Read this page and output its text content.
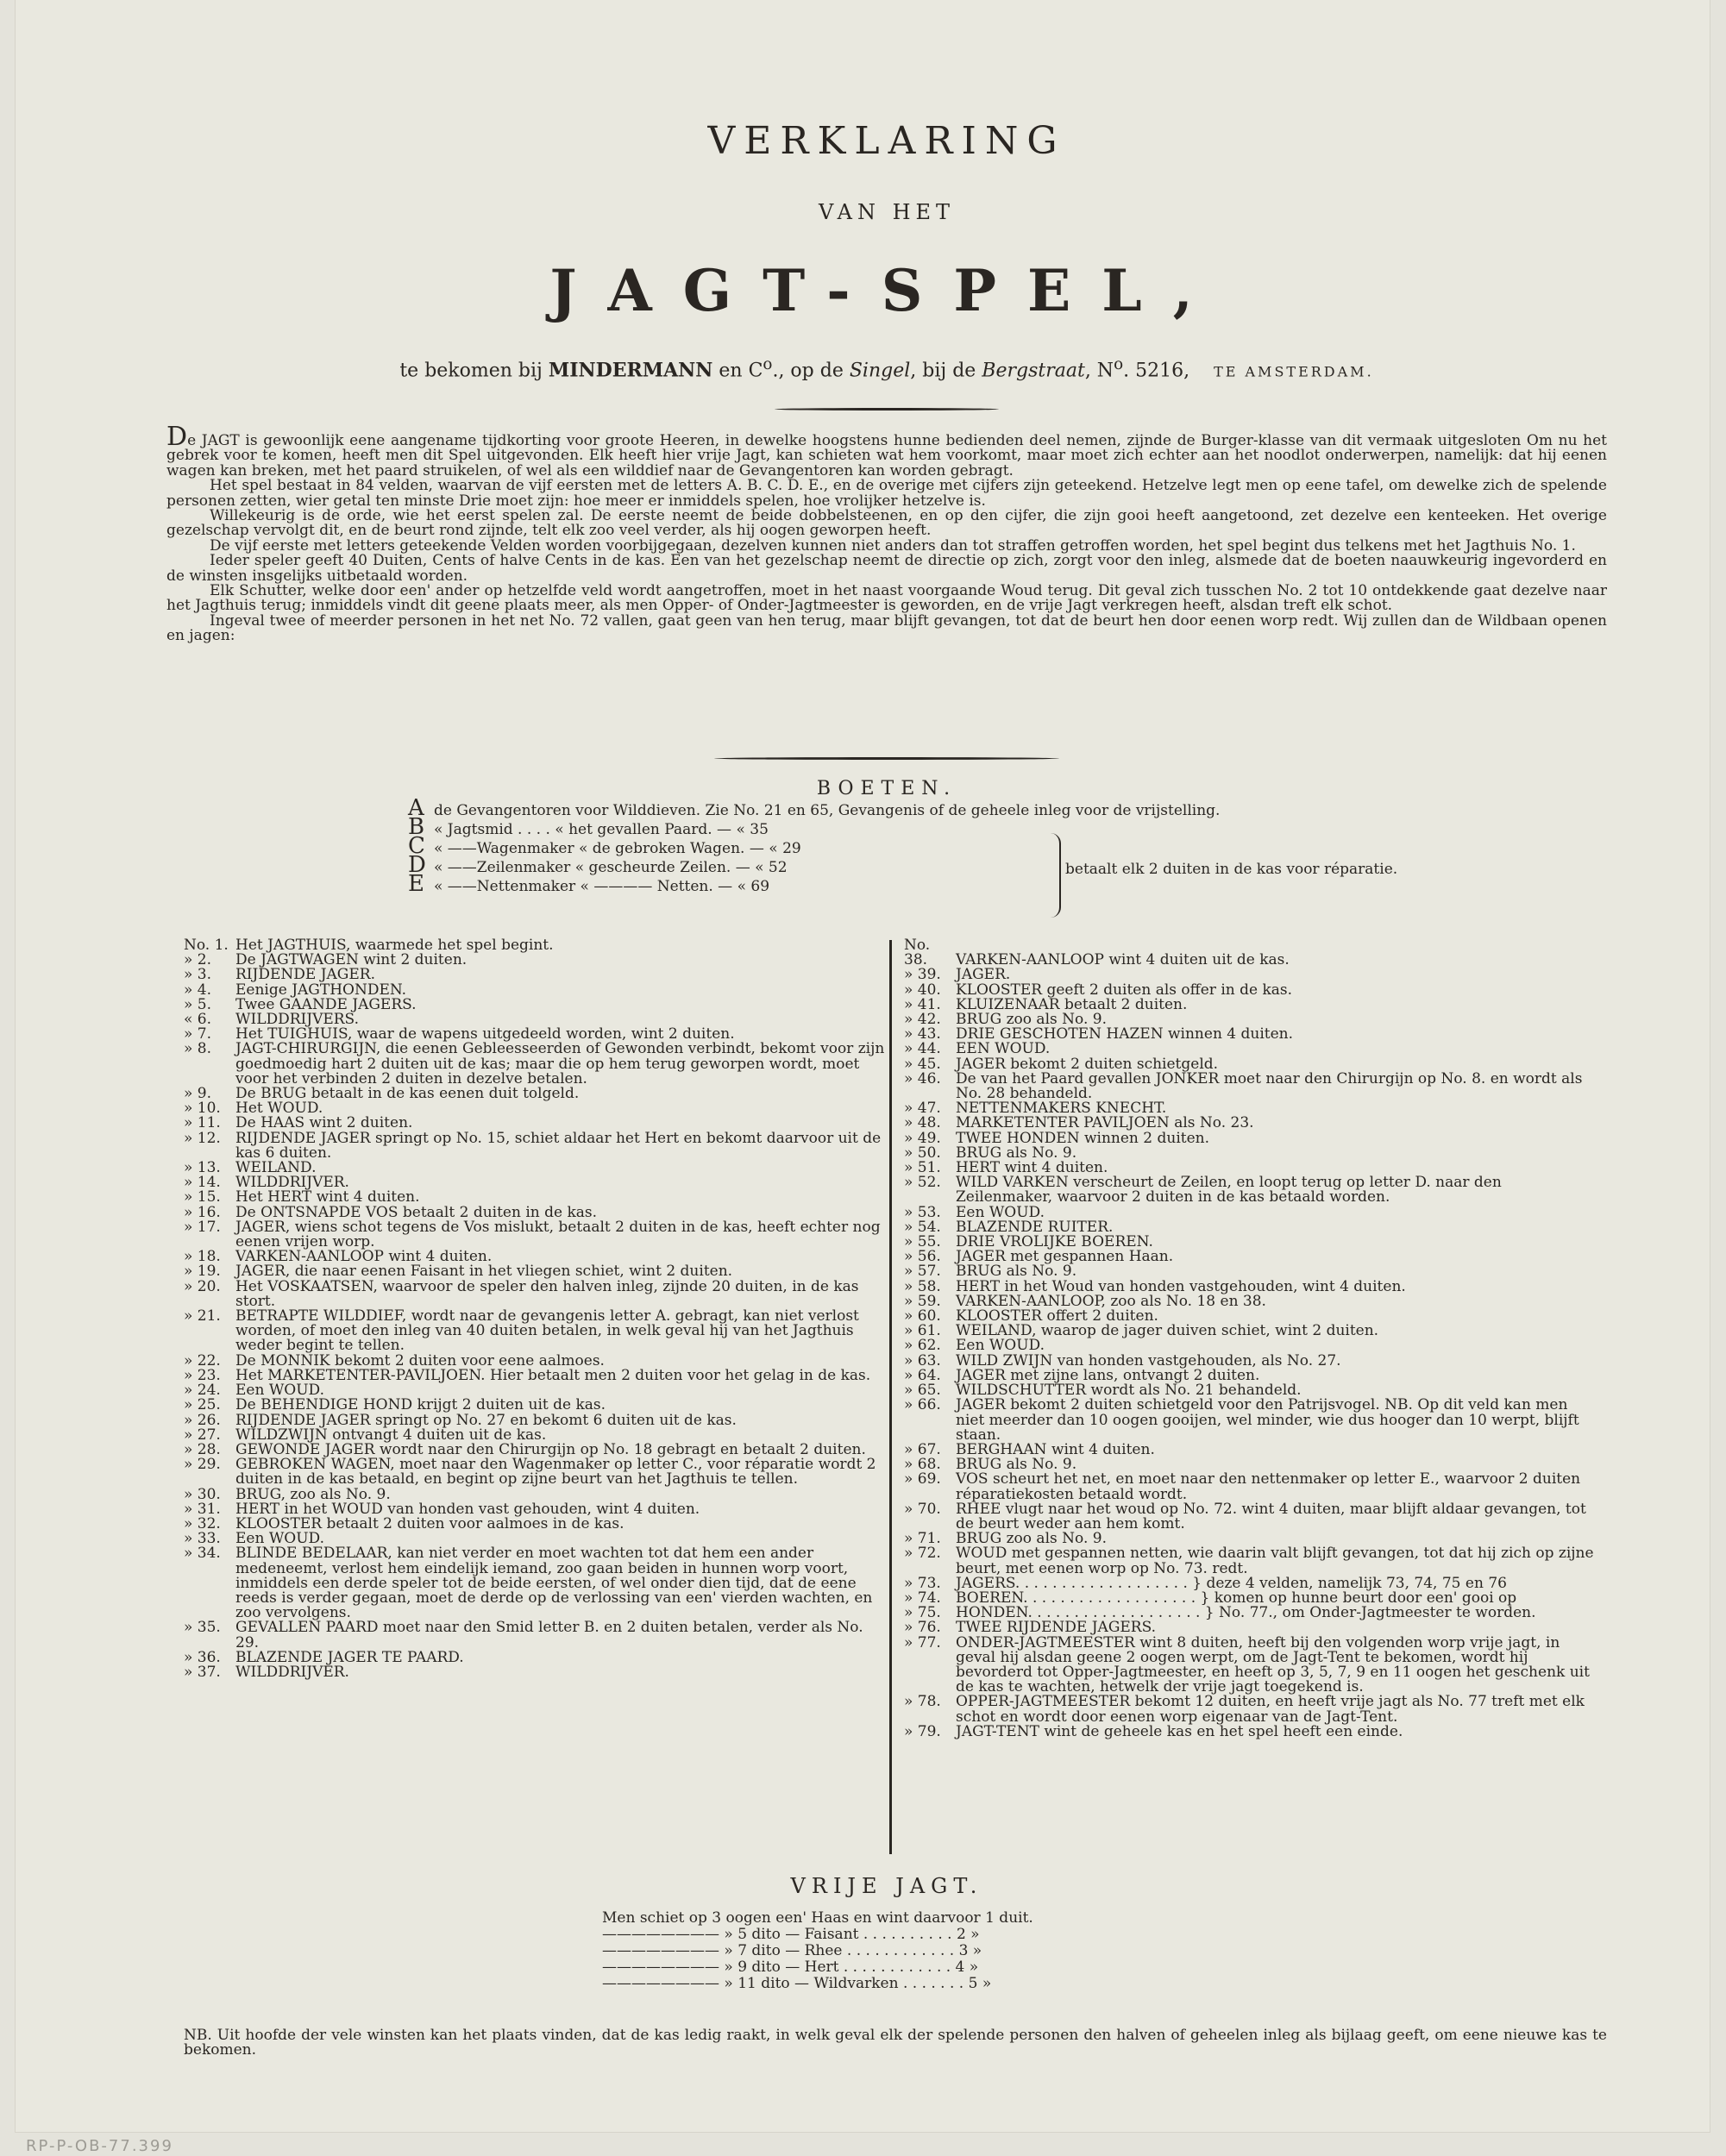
VERKLARING
VAN HET
JAGT-SPEL,
te bekomen bij MINDERMANN en $C^o$., op de Singel, bij de Bergstraat, $N^o$. 5216, TE AMSTERDAM.

De JAGT is gewoonlijk eene aangename tijdkorting voor groote Heeren, in dewelke hoogstens hunne bedienden deel nemen, zijnde de Burger-klasse van dit vermaak uitgesloten Om nu het gebrek voor te komen, heeft men dit Spel uitgevonden. Elk heeft hier vrije Jagt, kan schieten wat hem voorkomt, maar moet zich echter aan het noodlot onderwerpen, namelijk: dat hij eenen wagen kan breken, met het paard struikelen, of wel als een wilddief naar de Gevangentoren kan worden gebragt.

Het spel bestaat in 84 velden, waarvan de vijf eersten met de letters A. B. C. D. E., en de overige met cijfers zijn geteekend. Hetzelve legt men op eene tafel, om dewelke zich de spelende personen zetten, wier getal ten minste Drie moet zijn: hoe meer er inmiddels spelen, hoe vrolijker hetzelve is.

Willekeurig is de orde, wie het eerst spelen zal. De eerste neemt de beide dobbelsteenen, en op den cijfer, die zijn gooi heeft aangetoond, zet dezelve een kenteeken. Het overige gezelschap vervolgt dit, en de beurt rond zijnde, telt elk zoo veel verder, als hij oogen geworpen heeft.

De vijf eerste met letters geteekende Velden worden voorbijgegaan, dezelven kunnen niet anders dan tot straffen getroffen worden, het spel begint dus telkens met het Jagthuis No. 1.

Ieder speler geeft 40 Duiten, Cents of halve Cents in de kas. Een van het gezelschap neemt de directie op zich, zorgt voor den inleg, alsmede dat de boeten naauwkeurig ingevorderd en de winsten insgelijks uitbetaald worden.

Elk Schutter, welke door een' ander op hetzelfde veld wordt aangetroffen, moet in het naast voorgaande Woud terug. Dit geval zich tusschen No. 2 tot 10 ontdekkende gaat dezelve naar het Jagthuis terug; inmiddels vindt dit geene plaats meer, als men Opper- of Onder-Jagtmeester is geworden, en de vrije Jagt verkregen heeft, alsdan treft elk schot.

Ingeval twee of meerder personen in het net No. 72 vallen, gaat geen van hen terug, maar blijft gevangen, tot dat de beurt hen door eenen worp redt. Wij zullen dan de Wildbaan openen en jagen:

BOETEN.
Ade Gevangentoren voor Wilddieven. Zie No. 21 en 65, Gevangenis of de geheele inleg voor de vrijstelling.
B « Jagtsmid . . . . « het gevallen Paard. — « 35
C « ——Wagenmaker « de gebroken Wagen. — « 29
D « ——Zeilenmaker « gescheurde Zeilen. — « 52
E « ——Nettenmaker « ———— Netten. — « 69
betaalt elk 2 duiten in de kas voor réparatie.
No. 1. Het JAGTHUIS, waarmede het spel begint.
» 2. De JAGTWAGEN wint 2 duiten.
» 3. RIJDENDE JAGER.
» 4. Eenige JAGTHONDEN.
» 5. Twee GAANDE JAGERS.
« 6. WILDDRIJVERS.
» 7. Het TUIGHUIS, waar de wapens uitgedeeld worden, wint 2 duiten.
» 8. JAGT-CHIRURGIJN, die eenen Gebleesseerden of Gewonden verbindt, bekomt voor zijn goedmoedig hart 2 duiten uit de kas; maar die op hem terug geworpen wordt, moet voor het verbinden 2 duiten in dezelve betalen.
» 9. De BRUG betaalt in de kas eenen duit tolgeld.
» 10. Het WOUD.
» 11. De HAAS wint 2 duiten.
» 12. RIJDENDE JAGER springt op No. 15, schiet aldaar het Hert en bekomt daarvoor uit de kas 6 duiten.
» 13. WEILAND.
» 14. WILDDRIJVER.
» 15. Het HERT wint 4 duiten.
» 16. De ONTSNAPDE VOS betaalt 2 duiten in de kas.
» 17. JAGER, wiens schot tegens de Vos mislukt, betaalt 2 duiten in de kas, heeft echter nog eenen vrijen worp.
» 18. VARKEN-AANLOOP wint 4 duiten.
» 19. JAGER, die naar eenen Faisant in het vliegen schiet, wint 2 duiten.
» 20. Het VOSKAATSEN, waarvoor de speler den halven inleg, zijnde 20 duiten, in de kas stort.
» 21. BETRAPTE WILDDIEF, wordt naar de gevangenis letter A. gebragt, kan niet verlost worden, of moet den inleg van 40 duiten betalen, in welk geval hij van het Jagthuis weder begint te tellen.
» 22. De MONNIK bekomt 2 duiten voor eene aalmoes.
» 23. Het MARKETENTER-PAVILJOEN. Hier betaalt men 2 duiten voor het gelag in de kas.
» 24. Een WOUD.
» 25. De BEHENDIGE HOND krijgt 2 duiten uit de kas.
» 26. RIJDENDE JAGER springt op No. 27 en bekomt 6 duiten uit de kas.
» 27. WILDZWIJN ontvangt 4 duiten uit de kas.
» 28. GEWONDE JAGER wordt naar den Chirurgijn op No. 18 gebragt en betaalt 2 duiten.
» 29. GEBROKEN WAGEN, moet naar den Wagenmaker op letter C., voor réparatie wordt 2 duiten in de kas betaald, en begint op zijne beurt van het Jagthuis te tellen.
» 30. BRUG, zoo als No. 9.
» 31. HERT in het WOUD van honden vast gehouden, wint 4 duiten.
» 32. KLOOSTER betaalt 2 duiten voor aalmoes in de kas.
» 33. Een WOUD.
» 34. BLINDE BEDELAAR, kan niet verder en moet wachten tot dat hem een ander medeneemt, verlost hem eindelijk iemand, zoo gaan beiden in hunnen worp voort, inmiddels een derde speler tot de beide eersten, of wel onder dien tijd, dat de eene reeds is verder gegaan, moet de derde op de verlossing van een' vierden wachten, en zoo vervolgens.
» 35. GEVALLEN PAARD moet naar den Smid letter B. en 2 duiten betalen, verder als No. 29.
» 36. BLAZENDE JAGER TE PAARD.
» 37. WILDDRIJVER.
No. 38. VARKEN-AANLOOP wint 4 duiten uit de kas.
» 39. JAGER.
» 40. KLOOSTER geeft 2 duiten als offer in de kas.
» 41. KLUIZENAAR betaalt 2 duiten.
» 42. BRUG zoo als No. 9.
» 43. DRIE GESCHOTEN HAZEN winnen 4 duiten.
» 44. EEN WOUD.
» 45. JAGER bekomt 2 duiten schietgeld.
» 46. De van het Paard gevallen JONKER moet naar den Chirurgijn op No. 8. en wordt als No. 28 behandeld.
» 47. NETTENMAKERS KNECHT.
» 48. MARKETENTER PAVILJOEN als No. 23.
» 49. TWEE HONDEN winnen 2 duiten.
» 50. BRUG als No. 9.
» 51. HERT wint 4 duiten.
» 52. WILD VARKEN verscheurt de Zeilen, en loopt terug op letter D. naar den Zeilenmaker, waarvoor 2 duiten in de kas betaald worden.
» 53. Een WOUD.
» 54. BLAZENDE RUITER.
» 55. DRIE VROLIJKE BOEREN.
» 56. JAGER met gespannen Haan.
» 57. BRUG als No. 9.
» 58. HERT in het Woud van honden vastgehouden, wint 4 duiten.
» 59. VARKEN-AANLOOP, zoo als No. 18 en 38.
» 60. KLOOSTER offert 2 duiten.
» 61. WEILAND, waarop de jager duiven schiet, wint 2 duiten.
» 62. Een WOUD.
» 63. WILD ZWIJN van honden vastgehouden, als No. 27.
» 64. JAGER met zijne lans, ontvangt 2 duiten.
» 65. WILDSCHUTTER wordt als No. 21 behandeld.
» 66. JAGER bekomt 2 duiten schietgeld voor den Patrijsvogel. NB. Op dit veld kan men niet meerder dan 10 oogen gooijen, wel minder, wie dus hooger dan 10 werpt, blijft staan.
» 67. BERGHAAN wint 4 duiten.
» 68. BRUG als No. 9.
» 69. VOS scheurt het net, en moet naar den nettenmaker op letter E., waarvoor 2 duiten réparatiekosten betaald wordt.
» 70. RHEE vlugt naar het woud op No. 72. wint 4 duiten, maar blijft aldaar gevangen, tot de beurt weder aan hem komt.
» 71. BRUG zoo als No. 9.
» 72. WOUD met gespannen netten, wie daarin valt blijft gevangen, tot dat hij zich op zijne beurt, met eenen worp op No. 73. redt.
» 73. JAGERS. . . . . . . . . . . . . . . . . . . } deze 4 velden, namelijk 73, 74, 75 en 76
» 74. BOEREN. . . . . . . . . . . . . . . . . . . } komen op hunne beurt door een' gooi op
» 75. HONDEN. . . . . . . . . . . . . . . . . . . } No. 77., om Onder-Jagtmeester te worden.
» 76. TWEE RIJDENDE JAGERS.
» 77. ONDER-JAGTMEESTER wint 8 duiten, heeft bij den volgenden worp vrije jagt, in geval hij alsdan geene 2 oogen werpt, om de Jagt-Tent te bekomen, wordt hij bevorderd tot Opper-Jagtmeester, en heeft op 3, 5, 7, 9 en 11 oogen het geschenk uit de kas te wachten, hetwelk der vrije jagt toegekend is.
» 78. OPPER-JAGTMEESTER bekomt 12 duiten, en heeft vrije jagt als No. 77 treft met elk schot en wordt door eenen worp eigenaar van de Jagt-Tent.
» 79. JAGT-TENT wint de geheele kas en het spel heeft een einde.
VRIJE JAGT.
Men schiet op 3 oogen een' Haas en wint daarvoor 1 duit.
———————— » 5 dito — Faisant . . . . . . . . . . 2 »
———————— » 7 dito — Rhee . . . . . . . . . . . . 3 »
———————— » 9 dito — Hert . . . . . . . . . . . . 4 »
———————— » 11 dito — Wildvarken . . . . . . . 5 »
NB. Uit hoofde der vele winsten kan het plaats vinden, dat de kas ledig raakt, in welk geval elk der spelende personen den halven of geheelen inleg als bijlaag geeft, om eene nieuwe kas te bekomen.
RP-P-OB-77.399
